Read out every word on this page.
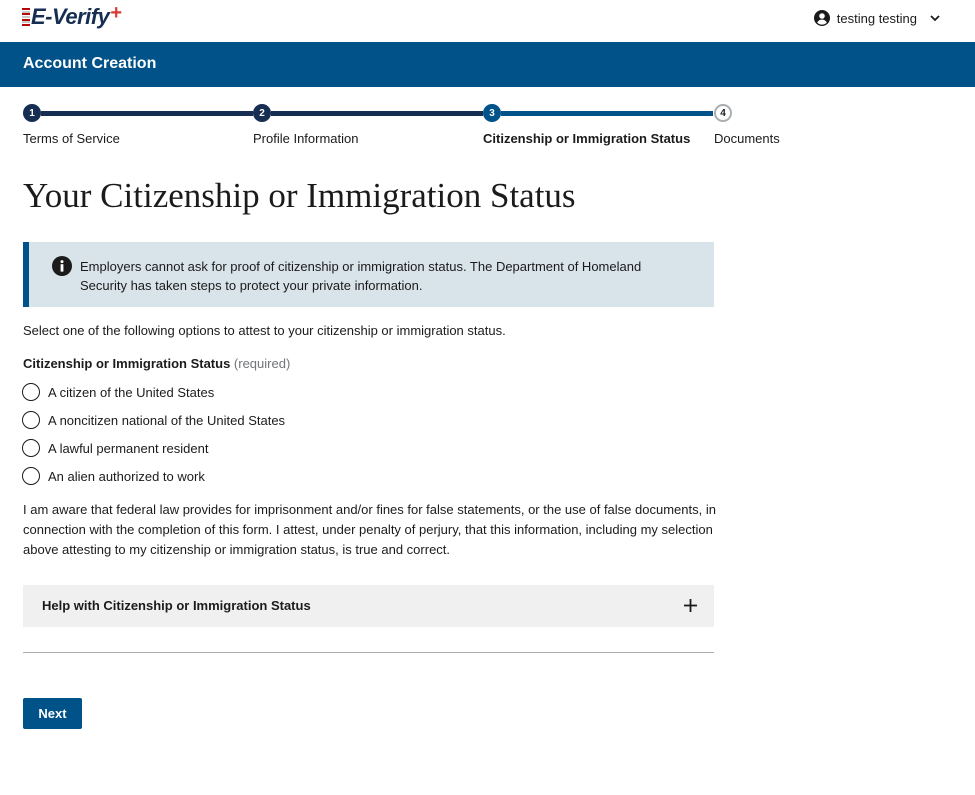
E-Verify +	testing testing
Account Creation
1	2	3	4
Terms of Service	Profile Information	Citizenship or Immigration Status Documents
Your Citizenship or Immigration Status
Employers cannot ask for proof of citizenship or immigration status. The Department of Homeland Security has taken steps to protect your private information.
Select one of the following options to attest to your citizenship or immigration status.
Citizenship or Immigration Status (required)
A citizen of the United States
A noncitizen national of the United States
A lawful permanent resident
An alien authorized to work
I am aware that federal law provides for imprisonment and/or fines for false statements, or the use of false documents, in connection with the completion of this form. I attest, under penalty of perjury, that this information, including my selection above attesting to my citizenship or immigration status, is true and correct.
Help with Citizenship or Immigration Status
Next
